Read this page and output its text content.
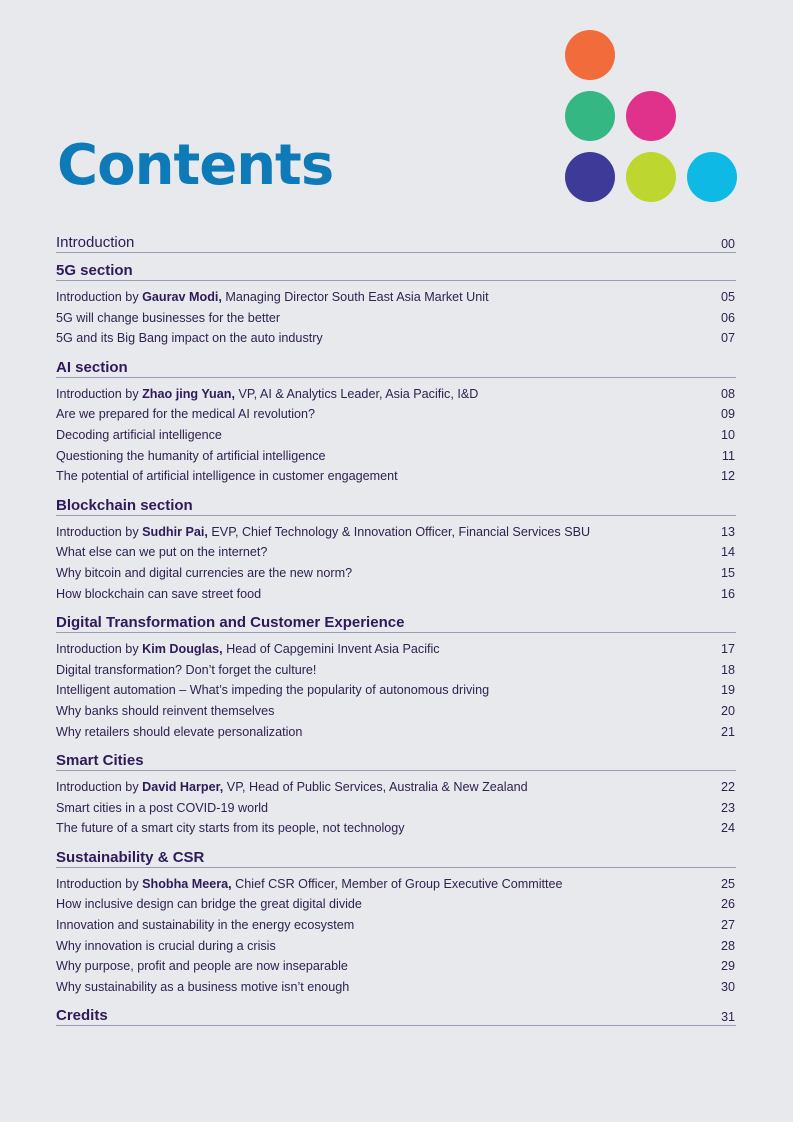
Contents
Introduction	00
5G section
Introduction by Gaurav Modi, Managing Director South East Asia Market Unit	05
5G will change businesses for the better	06
5G and its Big Bang impact on the auto industry	07
AI section
Introduction by Zhao jing Yuan, VP, AI & Analytics Leader, Asia Pacific, I&D	08
Are we prepared for the medical AI revolution?	09
Decoding artificial intelligence	10
Questioning the humanity of artificial intelligence	11
The potential of artificial intelligence in customer engagement	12
Blockchain section
Introduction by Sudhir Pai, EVP, Chief Technology & Innovation Officer, Financial Services SBU	13
What else can we put on the internet?	14
Why bitcoin and digital currencies are the new norm?	15
How blockchain can save street food	16
Digital Transformation and Customer Experience
Introduction by Kim Douglas, Head of Capgemini Invent Asia Pacific	17
Digital transformation? Don’t forget the culture!	18
Intelligent automation – What’s impeding the popularity of autonomous driving	19
Why banks should reinvent themselves	20
Why retailers should elevate personalization	21
Smart Cities
Introduction by David Harper, VP, Head of Public Services, Australia & New Zealand	22
Smart cities in a post COVID-19 world	23
The future of a smart city starts from its people, not technology	24
Sustainability & CSR
Introduction by Shobha Meera, Chief CSR Officer, Member of Group Executive Committee	25
How inclusive design can bridge the great digital divide	26
Innovation and sustainability in the energy ecosystem	27
Why innovation is crucial during a crisis	28
Why purpose, profit and people are now inseparable	29
Why sustainability as a business motive isn’t enough	30
Credits	31
